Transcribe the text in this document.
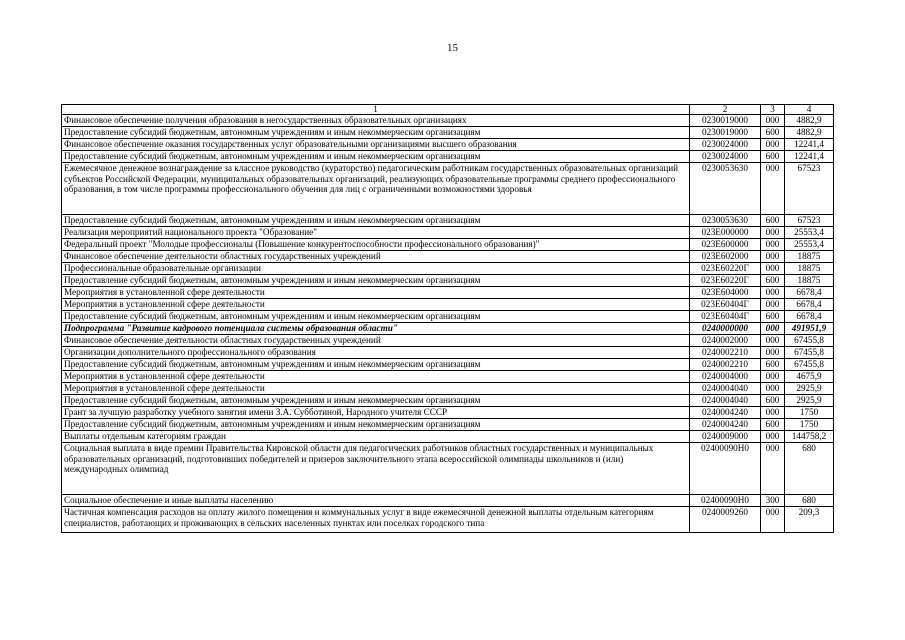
15
1	2	3	4
Финансовое обеспечение получения образования в негосударственных образовательных организациях	0230019000	000	4882,9
Предоставление субсидий бюджетным, автономным учреждениям и иным некоммерческим организациям	0230019000	600	4882,9
Финансовое обеспечение оказания государственных услуг образовательными организациями высшего образования	0230024000	000	12241,4
Предоставление субсидий бюджетным, автономным учреждениям и иным некоммерческим организациям	0230024000	600	12241,4
Ежемесячное денежное вознаграждение за классное руководство (кураторство) педагогическим работникам государственных образовательных организаций субъектов Российской Федерации, муниципальных образовательных организаций, реализующих образовательные программы среднего профессионального образования, в том числе программы профессионального обучения для лиц с ограниченными возможностями здоровья	0230053630	000	67523
Предоставление субсидий бюджетным, автономным учреждениям и иным некоммерческим организациям	0230053630	600	67523
Реализация мероприятий национального проекта "Образование"	023E000000	000	25553,4
Федеральный проект "Молодые профессионалы (Повышение конкурентоспособности профессионального образования)"	023E600000	000	25553,4
Финансовое обеспечение деятельности областных государственных учреждений	023E602000	000	18875
Профессиональные образовательные организации	023E60220Г	000	18875
Предоставление субсидий бюджетным, автономным учреждениям и иным некоммерческим организациям	023E60220Г	600	18875
Мероприятия в установленной сфере деятельности	023E604000	000	6678,4
Мероприятия в установленной сфере деятельности	023E60404Г	000	6678,4
Предоставление субсидий бюджетным, автономным учреждениям и иным некоммерческим организациям	023E60404Г	600	6678,4
Подпрограмма "Развитие кадрового потенциала системы образования области"	0240000000	000	491951,9
Финансовое обеспечение деятельности областных государственных учреждений	0240002000	000	67455,8
Организации дополнительного профессионального образования	0240002210	000	67455,8
Предоставление субсидий бюджетным, автономным учреждениям и иным некоммерческим организациям	0240002210	600	67455,8
Мероприятия в установленной сфере деятельности	0240004000	000	4675,9
Мероприятия в установленной сфере деятельности	0240004040	000	2925,9
Предоставление субсидий бюджетным, автономным учреждениям и иным некоммерческим организациям	0240004040	600	2925,9
Грант за лучшую разработку учебного занятия имени З.А. Субботиной, Народного учителя СССР	0240004240	000	1750
Предоставление субсидий бюджетным, автономным учреждениям и иным некоммерческим организациям	0240004240	600	1750
Выплаты отдельным категориям граждан	0240009000	000	144758,2
Социальная выплата в виде премии Правительства Кировской области для педагогических работников областных государственных и муниципальных образовательных организаций, подготовивших победителей и призеров заключительного этапа всероссийской олимпиады школьников и (или) международных олимпиад	02400090Н0	000	680
Социальное обеспечение и иные выплаты населению	02400090Н0	300	680
Частичная компенсация расходов на оплату жилого помещения и коммунальных услуг в виде ежемесячной денежной выплаты отдельным категориям специалистов, работающих и проживающих в сельских населенных пунктах или поселках городского типа	0240009260	000	209,3
